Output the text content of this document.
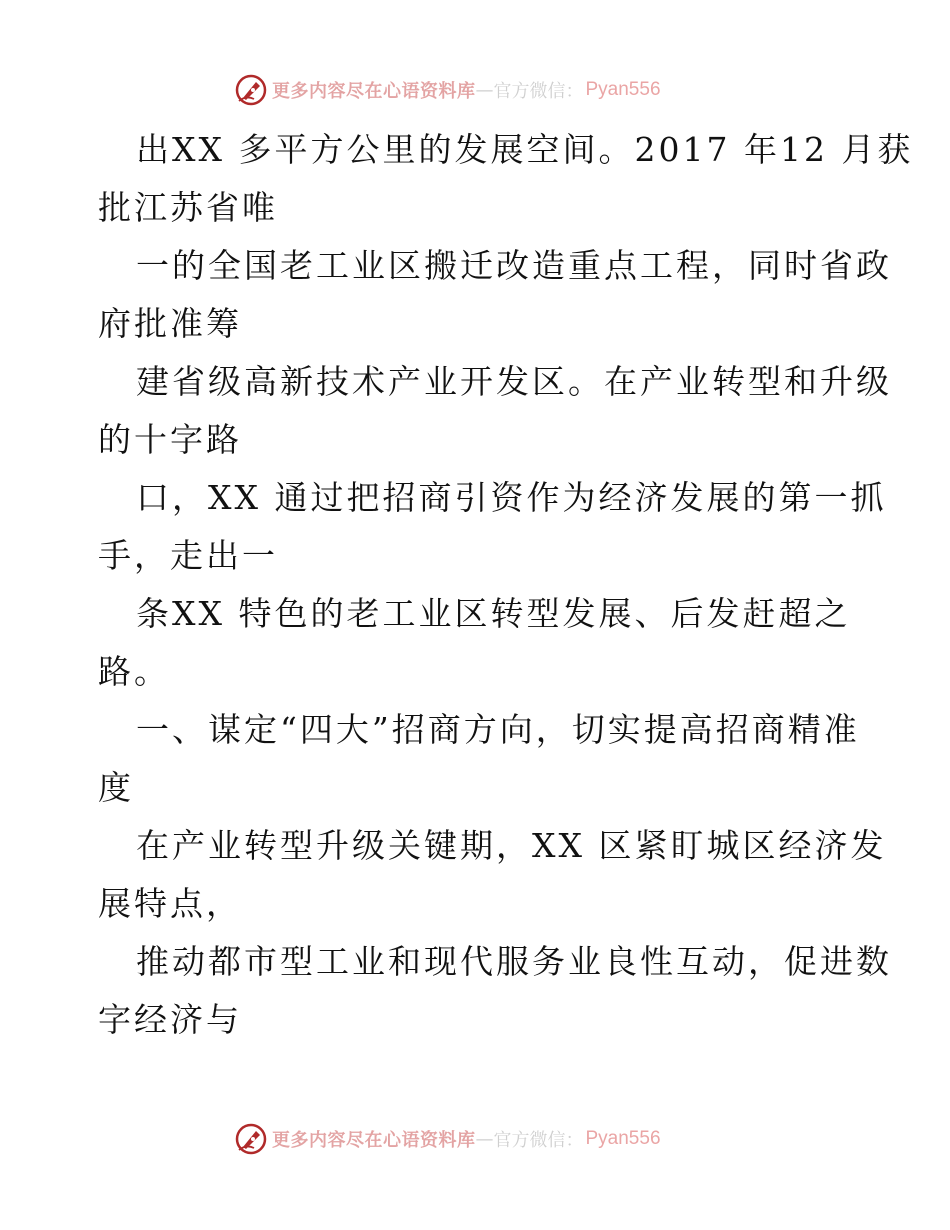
更多内容尽在心语资料库 — 官方微信： Pyan556
出XX 多平方公里的发展空间。2017 年12 月获
批江苏省唯
一的全国老工业区搬迁改造重点工程，同时省政
府批准筹
建省级高新技术产业开发区。在产业转型和升级
的十字路
口，XX 通过把招商引资作为经济发展的第一抓
手，走出一
条XX 特色的老工业区转型发展、后发赶超之
路。
一、谋定“四大”招商方向，切实提高招商精准
度
在产业转型升级关键期，XX 区紧盯城区经济发
展特点，
推动都市型工业和现代服务业良性互动，促进数
字经济与
更多内容尽在心语资料库 — 官方微信： Pyan556
